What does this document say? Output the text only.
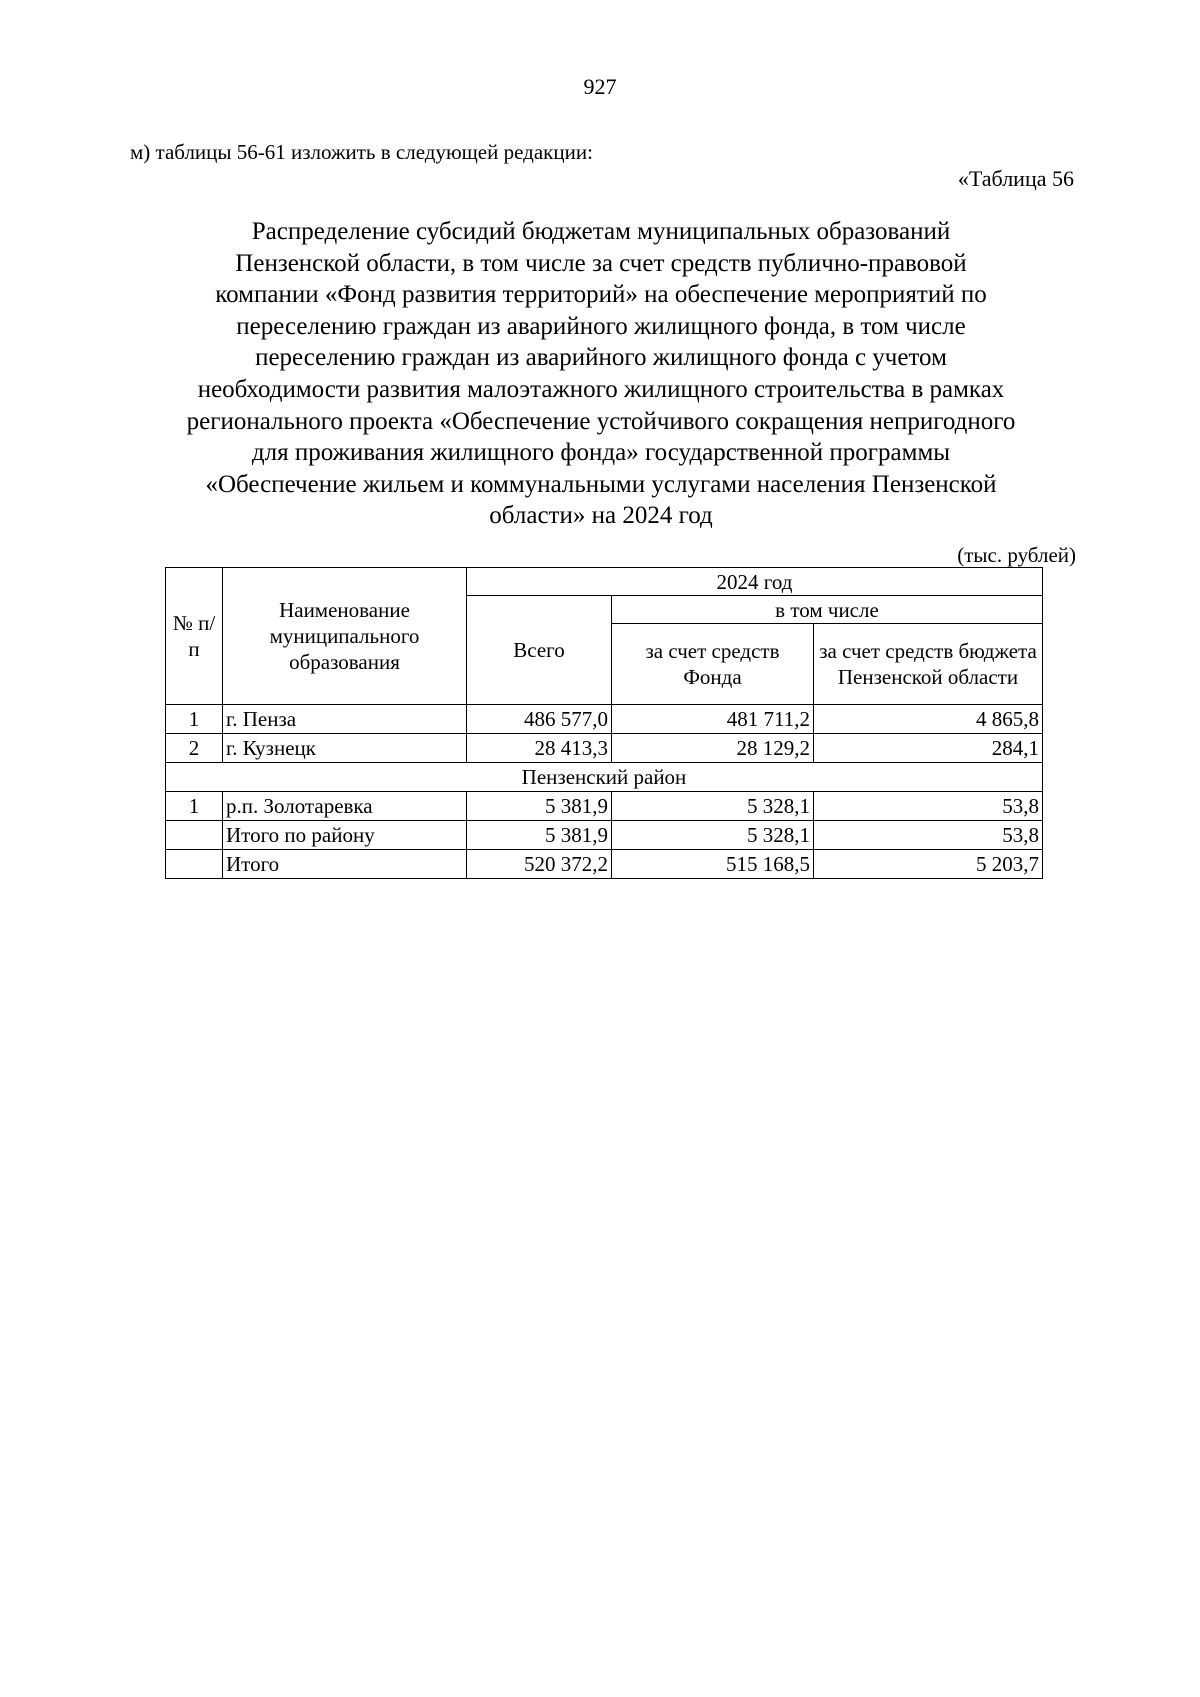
927
м) таблицы 56-61 изложить в следующей редакции:
«Таблица 56
Распределение субсидий бюджетам муниципальных образований
Пензенской области, в том числе за счет средств публично-правовой
компании «Фонд развития территорий» на обеспечение мероприятий по
переселению граждан из аварийного жилищного фонда, в том числе
переселению граждан из аварийного жилищного фонда с учетом
необходимости развития малоэтажного жилищного строительства в рамках
регионального проекта «Обеспечение устойчивого сокращения непригодного
для проживания жилищного фонда» государственной программы
«Обеспечение жильем и коммунальными услугами населения Пензенской
области» на 2024 год
(тыс. рублей)
№ п/п	Наименование муниципального образования	2024 год		
		Всего	в том числе	
			за счет средств Фонда	за счет средств бюджета Пензенской области
1	г. Пенза	486 577,0	481 711,2	4 865,8
2	г. Кузнецк	28 413,3	28 129,2	284,1
Пензенский район				
1	р.п. Золотаревка	5 381,9	5 328,1	53,8
	Итого по району	5 381,9	5 328,1	53,8
	Итого	520 372,2	515 168,5	5 203,7
